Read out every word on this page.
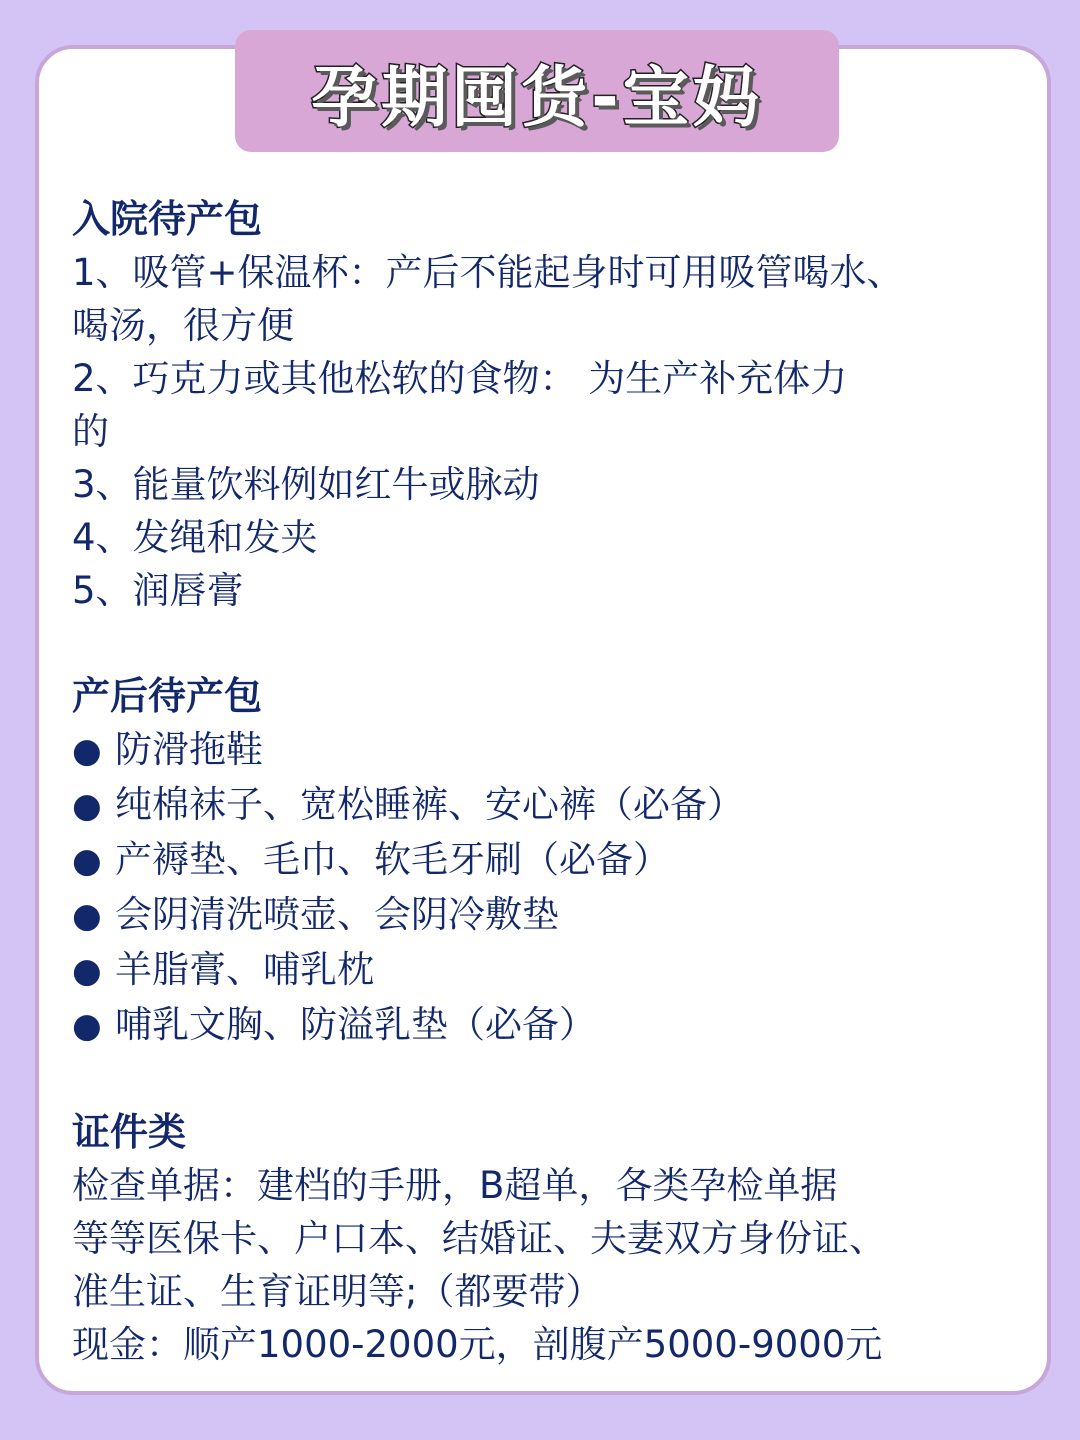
孕期囤货-宝妈
入院待产包
1、吸管+保温杯：产后不能起身时可用吸管喝水、
喝汤，很方便
2、巧克力或其他松软的食物： 为生产补充体力
的
3、能量饮料例如红牛或脉动
4、发绳和发夹
5、润唇膏
产后待产包
● 防滑拖鞋
● 纯棉袜子、宽松睡裤、安心裤（必备）
● 产褥垫、毛巾、软毛牙刷（必备）
● 会阴清洗喷壶、会阴冷敷垫
● 羊脂膏、哺乳枕
● 哺乳文胸、防溢乳垫（必备）
证件类
检查单据：建档的手册，B超单，各类孕检单据
等等医保卡、户口本、结婚证、夫妻双方身份证、
准生证、生育证明等;（都要带）
现金：顺产1000-2000元，剖腹产5000-9000元
